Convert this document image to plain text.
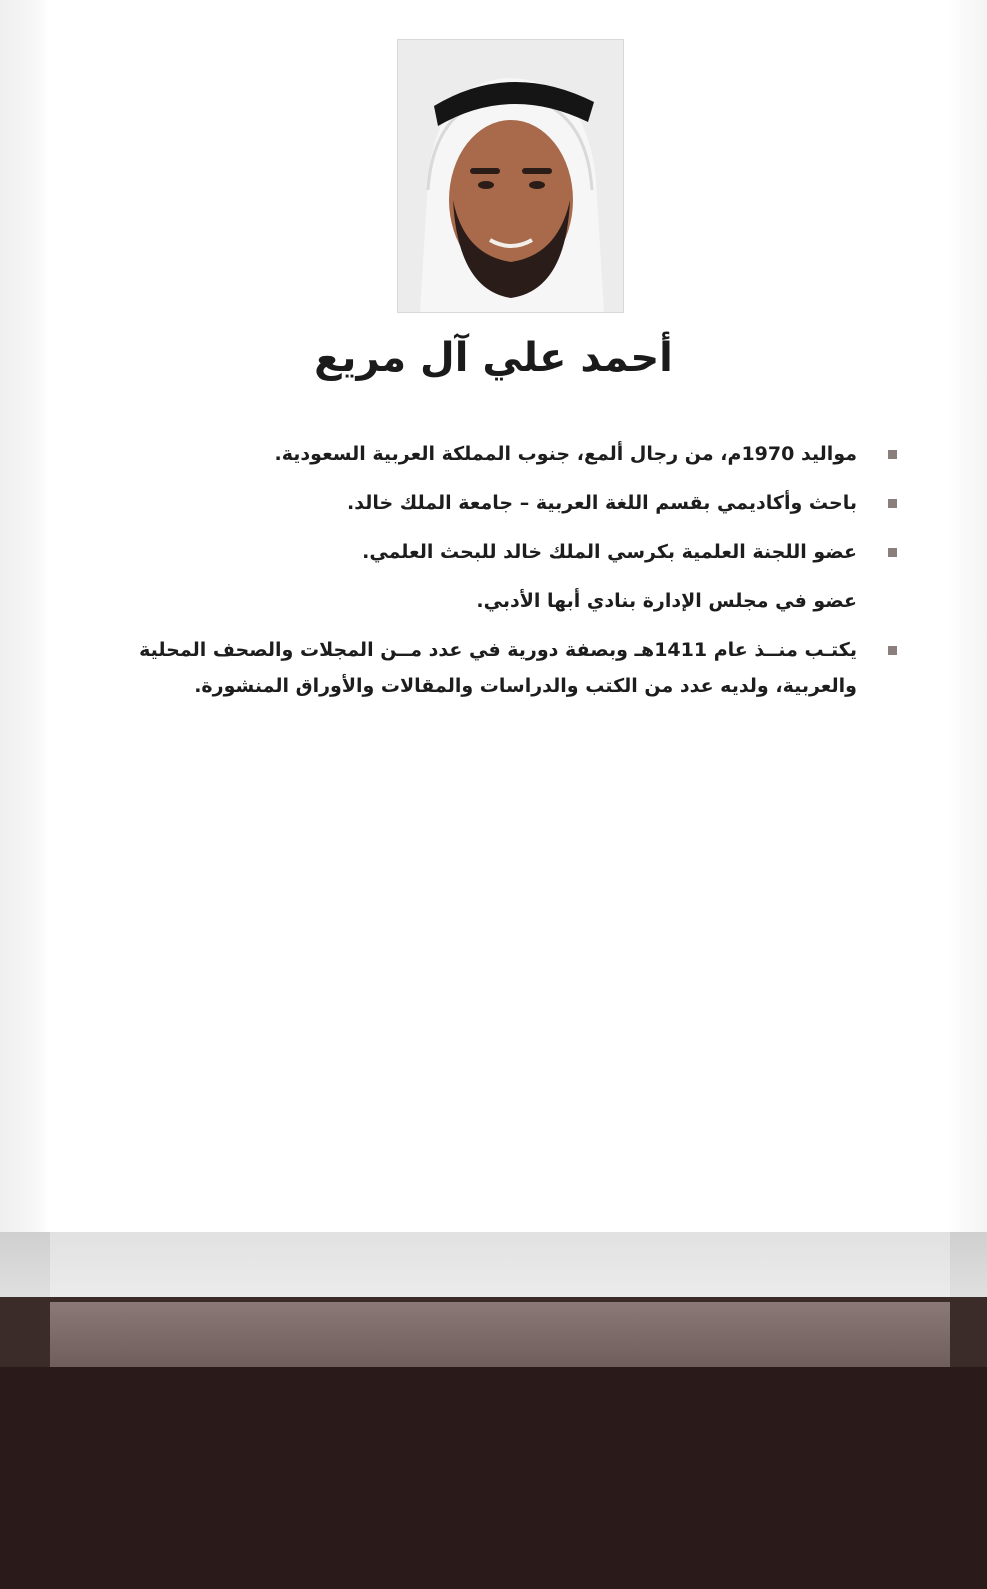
أحمد علي آل مريع
مواليد 1970م، من رجال ألمع، جنوب المملكة العربية السعودية.
باحث وأكاديمي بقسم اللغة العربية – جامعة الملك خالد.
عضو اللجنة العلمية بكرسي الملك خالد للبحث العلمي.
عضو في مجلس الإدارة بنادي أبها الأدبي.
يكتـب منــذ عام 1411هـ وبصفة دورية في عدد مــن المجلات والصحف المحلية والعربية، ولديه عدد من الكتب والدراسات والمقالات والأوراق المنشورة.
